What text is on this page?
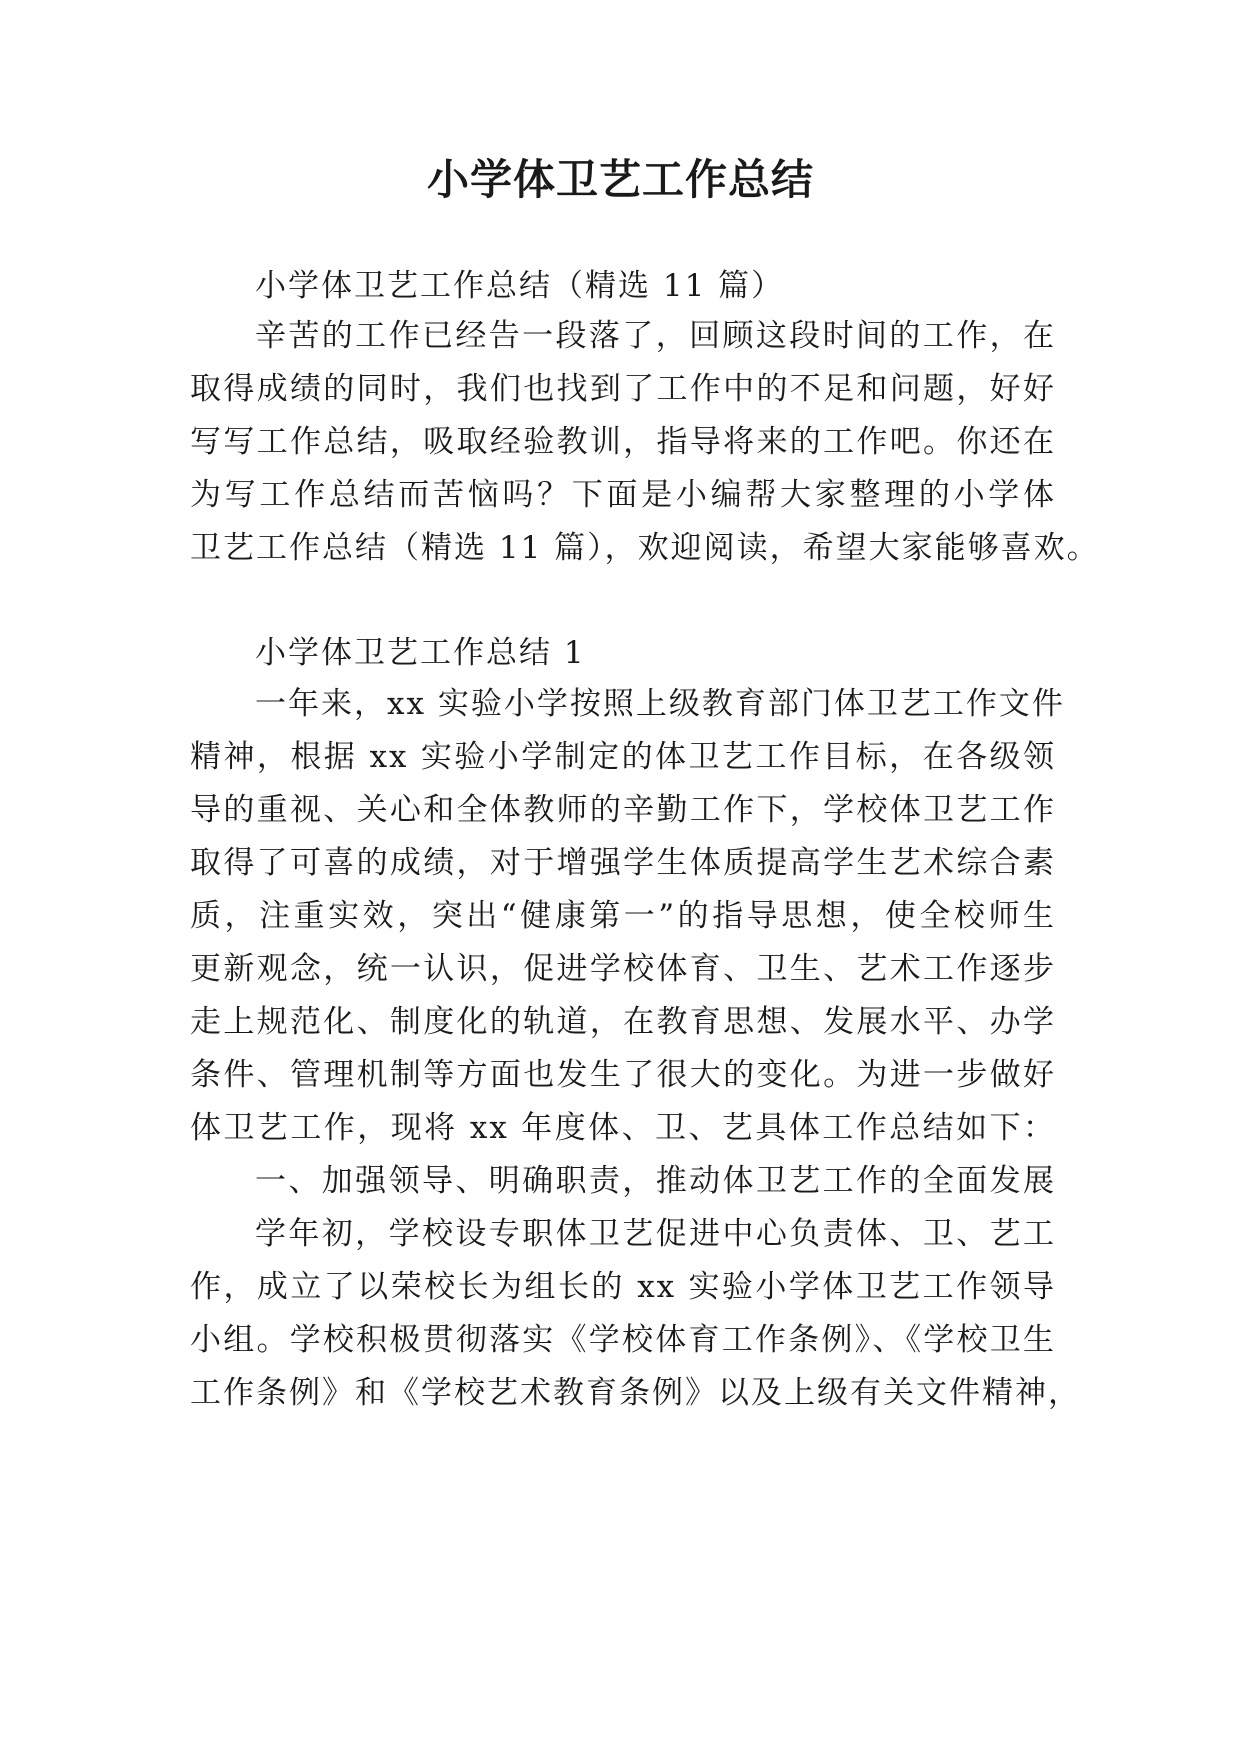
小学体卫艺工作总结
小学体卫艺工作总结（精选 11 篇）
辛苦的工作已经告一段落了，回顾这段时间的工作，在
取得成绩的同时，我们也找到了工作中的不足和问题，好好
写写工作总结，吸取经验教训，指导将来的工作吧。你还在
为写工作总结而苦恼吗？下面是小编帮大家整理的小学体
卫艺工作总结（精选 11 篇），欢迎阅读，希望大家能够喜欢。
小学体卫艺工作总结 1
一年来，xx 实验小学按照上级教育部门体卫艺工作文件
精神，根据 xx 实验小学制定的体卫艺工作目标，在各级领
导的重视、关心和全体教师的辛勤工作下，学校体卫艺工作
取得了可喜的成绩，对于增强学生体质提高学生艺术综合素
质，注重实效，突出“健康第一”的指导思想，使全校师生
更新观念，统一认识，促进学校体育、卫生、艺术工作逐步
走上规范化、制度化的轨道，在教育思想、发展水平、办学
条件、管理机制等方面也发生了很大的变化。为进一步做好
体卫艺工作，现将 xx 年度体、卫、艺具体工作总结如下：
一、加强领导、明确职责，推动体卫艺工作的全面发展
学年初，学校设专职体卫艺促进中心负责体、卫、艺工
作，成立了以荣校长为组长的 xx 实验小学体卫艺工作领导
小组。学校积极贯彻落实《学校体育工作条例》、《学校卫生
工作条例》和《学校艺术教育条例》以及上级有关文件精神，
